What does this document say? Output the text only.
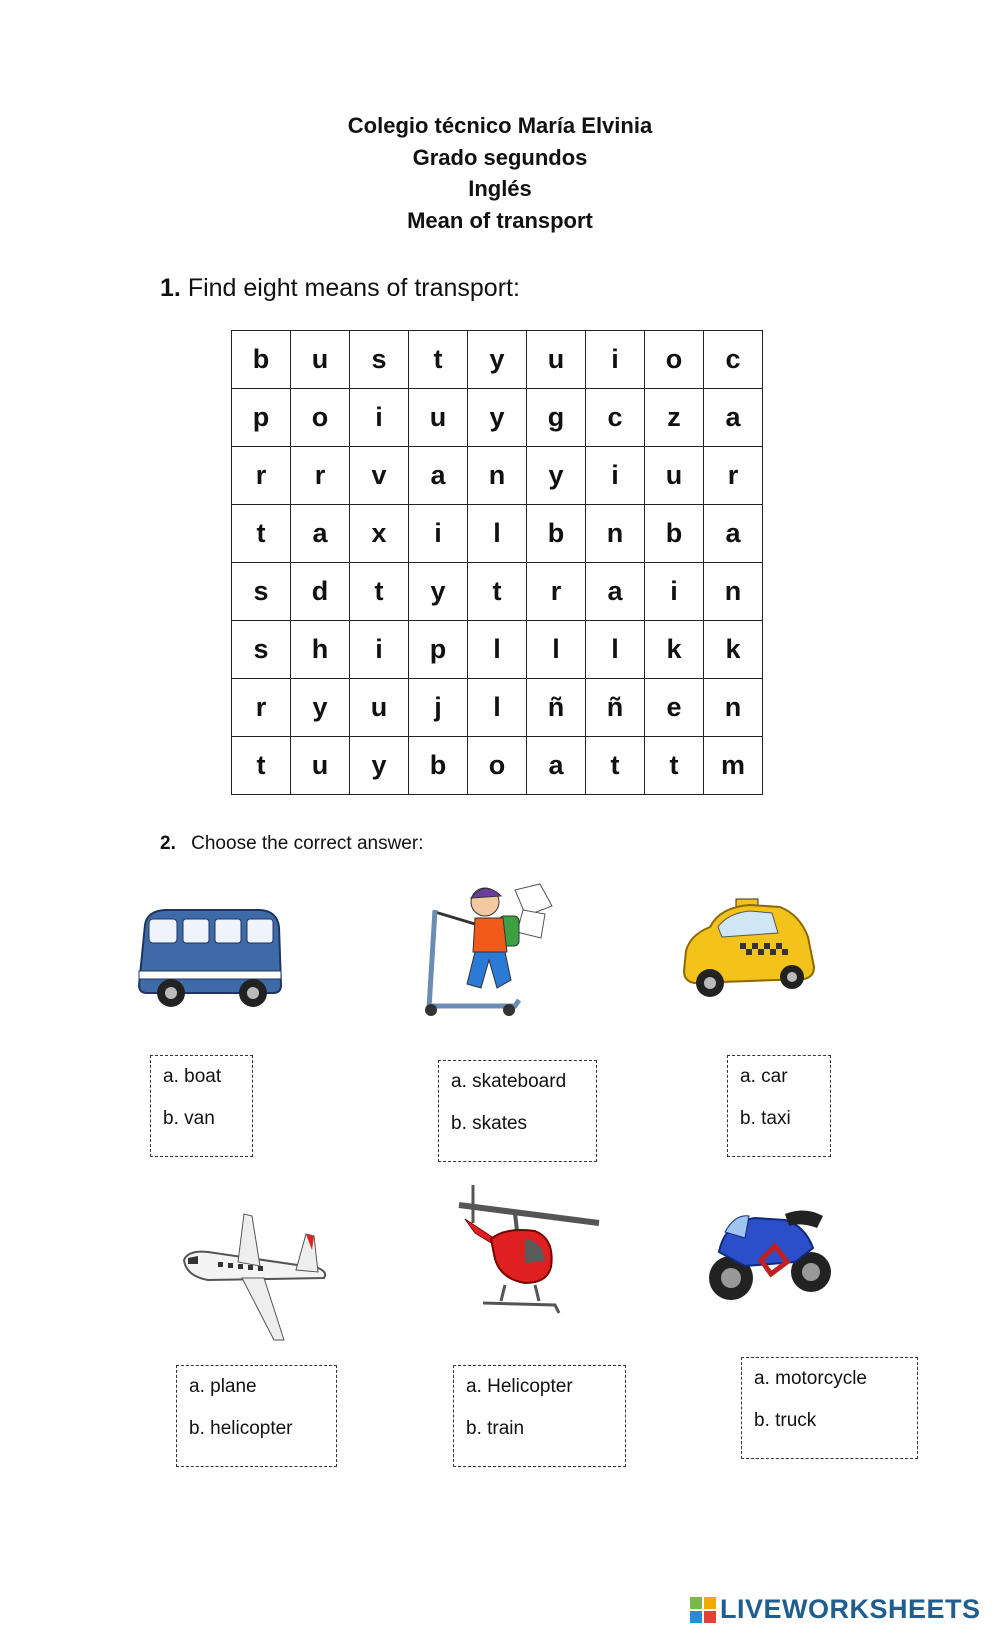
Colegio técnico María Elvinia
Grado segundos
Inglés
Mean of transport
1. Find eight means of transport:
b	u	s	t	y	u	i	o	c
p	o	i	u	y	g	c	z	a
r	r	v	a	n	y	i	u	r
t	a	x	i	l	b	n	b	a
s	d	t	y	t	r	a	i	n
s	h	i	p	l	l	l	k	k
r	y	u	j	l	ñ	ñ	e	n
t	u	y	b	o	a	t	t	m
2. Choose the correct answer:
a. boat
b. van
a. skateboard
b. skates
a. car
b. taxi
a. plane
b. helicopter
a. Helicopter
b. train
a. motorcycle
b. truck
LIVEWORKSHEETS
